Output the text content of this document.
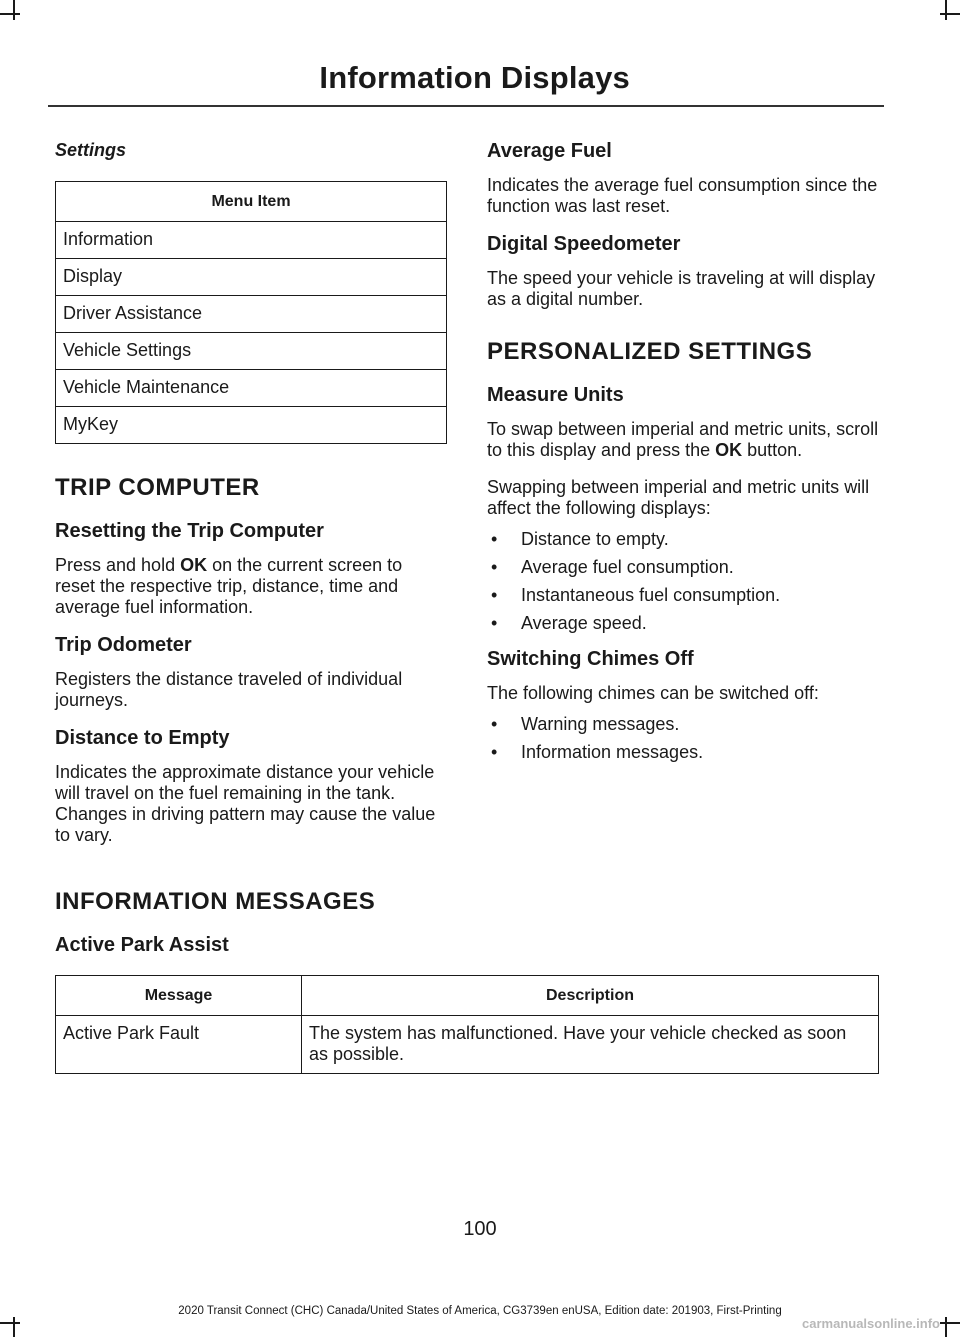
Information Displays
Settings
Menu Item
Information
Display
Driver Assistance
Vehicle Settings
Vehicle Maintenance
MyKey
TRIP COMPUTER
Resetting the Trip Computer

Press and hold OK on the current screen to reset the respective trip, distance, time and average fuel information.

Trip Odometer

Registers the distance traveled of individual journeys.

Distance to Empty

Indicates the approximate distance your vehicle will travel on the fuel remaining in the tank. Changes in driving pattern may cause the value to vary.

Average Fuel

Indicates the average fuel consumption since the function was last reset.

Digital Speedometer

The speed your vehicle is traveling at will display as a digital number.

PERSONALIZED SETTINGS
Measure Units

To swap between imperial and metric units, scroll to this display and press the OK button.

Swapping between imperial and metric units will affect the following displays:

• Distance to empty.
• Average fuel consumption.
• Instantaneous fuel consumption.
• Average speed.
Switching Chimes Off

The following chimes can be switched off:

• Warning messages.
• Information messages.
INFORMATION MESSAGES
Active Park Assist
Message	Description
Active Park Fault	The system has malfunctioned. Have your vehicle checked as soon as possible.
100
2020 Transit Connect (CHC) Canada/United States of America, CG3739en enUSA, Edition date: 201903, First-Printing
carmanualsonline.info
